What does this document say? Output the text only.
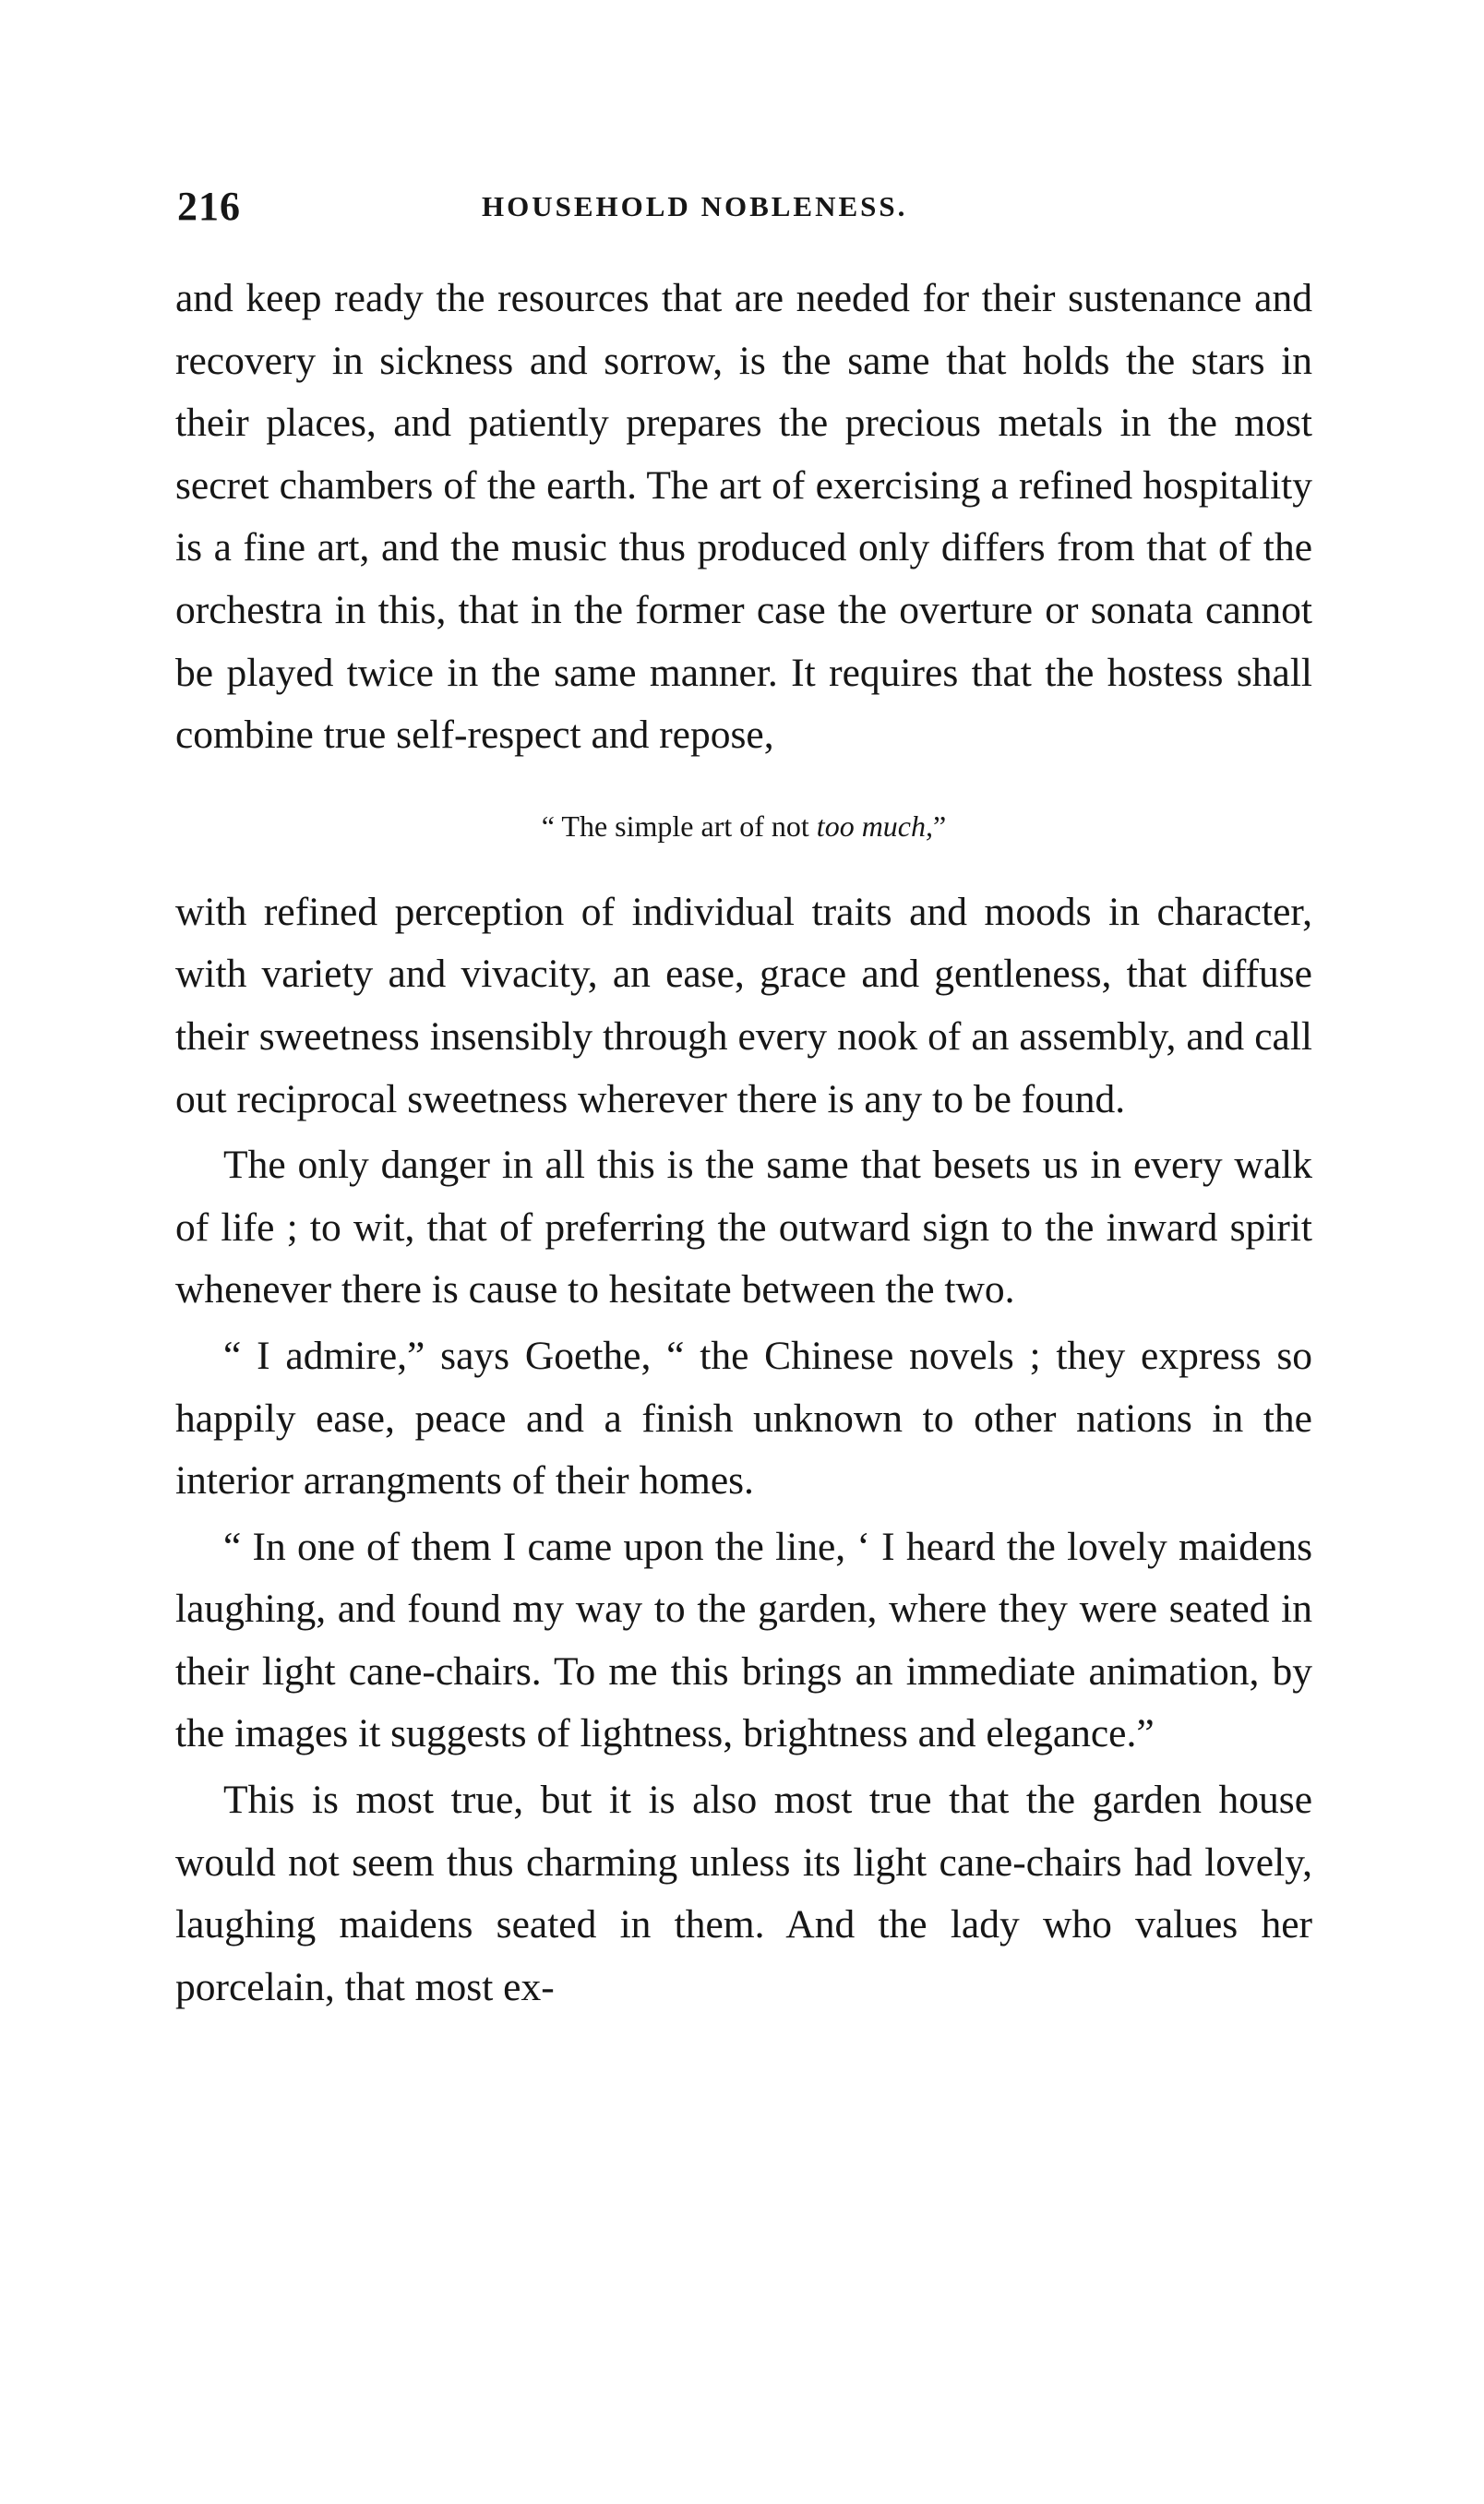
216	HOUSEHOLD NOBLENESS.

and keep ready the resources that are needed for their sustenance and recovery in sickness and sorrow, is the same that holds the stars in their places, and patiently prepares the precious metals in the most secret chambers of the earth. The art of exercising a refined hospitality is a fine art, and the music thus produced only differs from that of the orchestra in this, that in the former case the overture or sonata cannot be played twice in the same manner. It requires that the hostess shall combine true self-respect and repose,

“ The simple art of not too much,”

with refined perception of individual traits and moods in character, with variety and vivacity, an ease, grace and gentleness, that diffuse their sweetness insensibly through every nook of an assembly, and call out reciprocal sweetness wherever there is any to be found.

The only danger in all this is the same that besets us in every walk of life ; to wit, that of preferring the outward sign to the inward spirit whenever there is cause to hesitate between the two.

“ I admire,” says Goethe, “ the Chinese novels ; they express so happily ease, peace and a finish unknown to other nations in the interior arrangments of their homes.

“ In one of them I came upon the line, ‘ I heard the lovely maidens laughing, and found my way to the garden, where they were seated in their light cane-chairs. To me this brings an immediate animation, by the images it suggests of lightness, brightness and elegance.”

This is most true, but it is also most true that the garden house would not seem thus charming unless its light cane-chairs had lovely, laughing maidens seated in them. And the lady who values her porcelain, that most ex-
